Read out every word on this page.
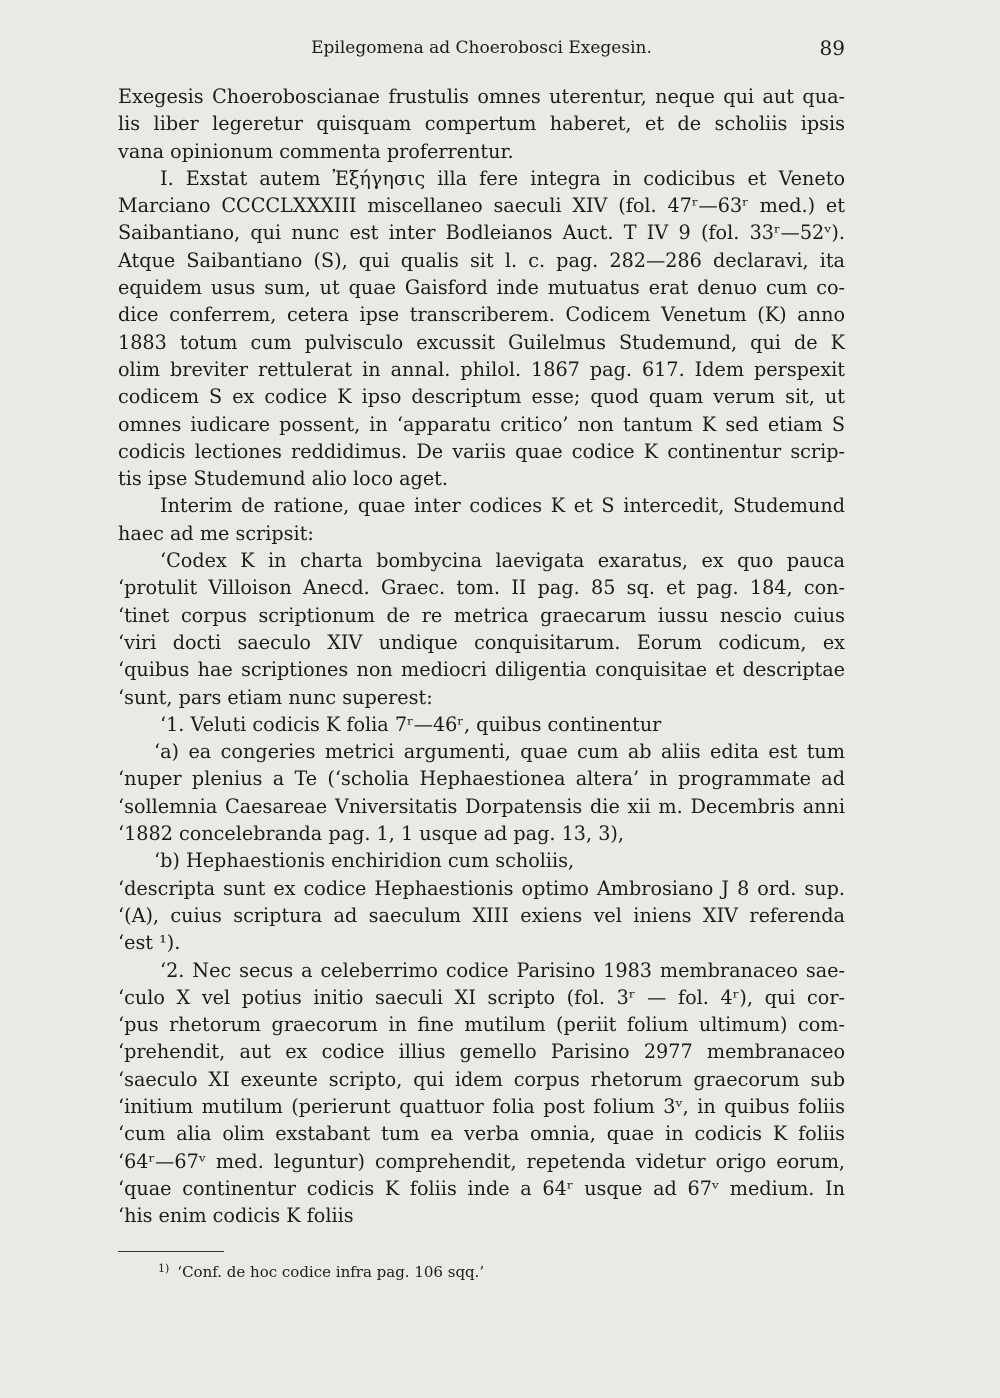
Epilegomena ad Choerobosci Exegesin.	89
Exegesis Choeroboscianae frustulis omnes uterentur, neque qui aut qua-
lis liber legeretur quisquam compertum haberet, et de scholiis ipsis
vana opinionum commenta proferrentur.
I. Exstat autem Ἐξήγησις illa fere integra in codicibus et Veneto
Marciano CCCCLXXXIII miscellaneo saeculi XIV (fol. 47ʳ—63ʳ med.) et
Saibantiano, qui nunc est inter Bodleianos Auct. T IV 9 (fol. 33ʳ—52ᵛ).
Atque Saibantiano (S), qui qualis sit l. c. pag. 282—286 declaravi, ita
equidem usus sum, ut quae Gaisford inde mutuatus erat denuo cum co-
dice conferrem, cetera ipse transcriberem. Codicem Venetum (K) anno
1883 totum cum pulvisculo excussit Guilelmus Studemund, qui de K
olim breviter rettulerat in annal. philol. 1867 pag. 617. Idem perspexit
codicem S ex codice K ipso descriptum esse; quod quam verum sit, ut
omnes iudicare possent, in ‘apparatu critico’ non tantum K sed etiam S
codicis lectiones reddidimus. De variis quae codice K continentur scrip-
tis ipse Studemund alio loco aget.
Interim de ratione, quae inter codices K et S intercedit, Studemund
haec ad me scripsit:
‘Codex K in charta bombycina laevigata exaratus, ex quo pauca
‘protulit Villoison Anecd. Graec. tom. II pag. 85 sq. et pag. 184, con-
‘tinet corpus scriptionum de re metrica graecarum iussu nescio cuius
‘viri docti saeculo XIV undique conquisitarum. Eorum codicum, ex
‘quibus hae scriptiones non mediocri diligentia conquisitae et descriptae
‘sunt, pars etiam nunc superest:
‘1. Veluti codicis K folia 7ʳ—46ʳ, quibus continentur
‘a) ea congeries metrici argumenti, quae cum ab aliis edita est tum
‘nuper plenius a Te (‘scholia Hephaestionea altera’ in programmate ad
‘sollemnia Caesareae Vniversitatis Dorpatensis die xii m. Decembris anni
‘1882 concelebranda pag. 1, 1 usque ad pag. 13, 3),
‘b) Hephaestionis enchiridion cum scholiis,
‘descripta sunt ex codice Hephaestionis optimo Ambrosiano J 8 ord. sup.
‘(A), cuius scriptura ad saeculum XIII exiens vel iniens XIV referenda
‘est ¹).
‘2. Nec secus a celeberrimo codice Parisino 1983 membranaceo sae-
‘culo X vel potius initio saeculi XI scripto (fol. 3ʳ — fol. 4ʳ), qui cor-
‘pus rhetorum graecorum in fine mutilum (periit folium ultimum) com-
‘prehendit, aut ex codice illius gemello Parisino 2977 membranaceo
‘saeculo XI exeunte scripto, qui idem corpus rhetorum graecorum sub
‘initium mutilum (perierunt quattuor folia post folium 3ᵛ, in quibus foliis
‘cum alia olim exstabant tum ea verba omnia, quae in codicis K foliis
‘64ʳ—67ᵛ med. leguntur) comprehendit, repetenda videtur origo eorum,
‘quae continentur codicis K foliis inde a 64ʳ usque ad 67ᵛ medium. In
‘his enim codicis K foliis
$^{1)}$ ‘Conf. de hoc codice infra pag. 106 sqq.’
